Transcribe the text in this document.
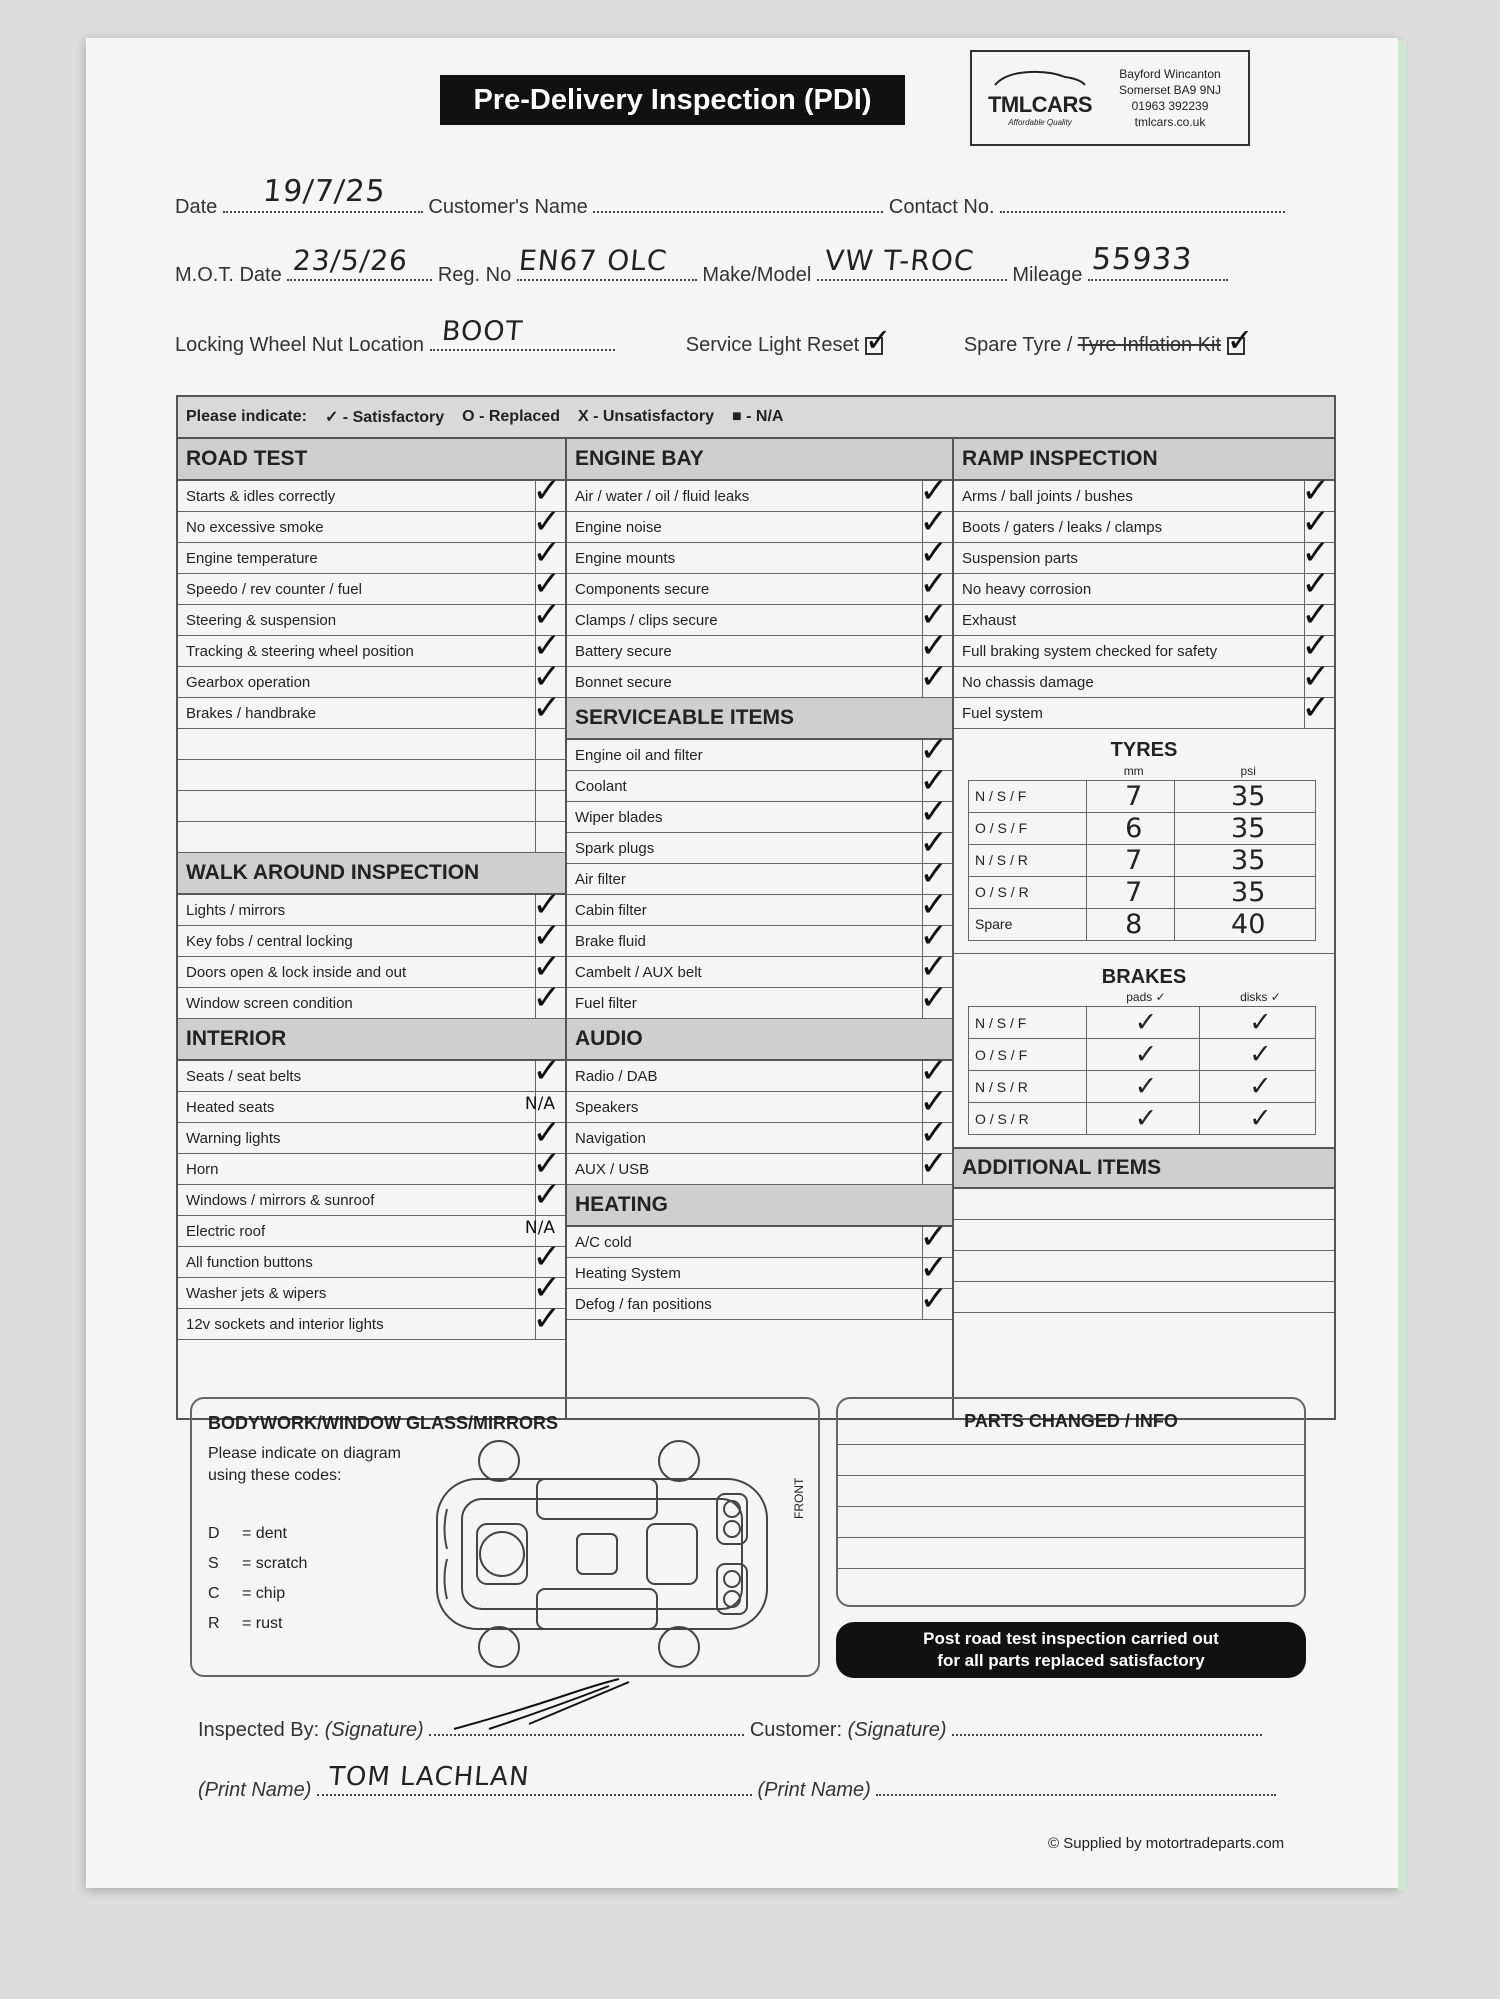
Pre-Delivery Inspection (PDI)	TMLCARS
Affordable Quality
Bayford Wincanton
Somerset BA9 9NJ
01963 392239
tmlcars.co.uk
Date 19/7/25 Customer's Name	Contact No.
M.O.T. Date 23/5/26 Reg. No EN67 OLC Make/Model VW T-ROC Mileage 55933
Locking Wheel Nut Location BOOT	Service Light Reset ✓	Spare Tyre / Tyre Inflation Kit ✓
Please indicate: ✓ - Satisfactory O - Replaced X - Unsatisfactory ■ - N/A
ROAD TEST
Starts & idles correctly	✓
No excessive smoke	✓
Engine temperature	✓
Speedo / rev counter / fuel	✓
Steering & suspension	✓
Tracking & steering wheel position	✓
Gearbox operation	✓
Brakes / handbrake	✓
WALK AROUND INSPECTION
Lights / mirrors	✓
Key fobs / central locking	✓
Doors open & lock inside and out	✓
Window screen condition	✓
INTERIOR
Seats / seat belts	✓
Heated seats	N/A
Warning lights	✓
Horn	✓
Windows / mirrors & sunroof	✓
Electric roof	N/A
All function buttons	✓
Washer jets & wipers	✓
12v sockets and interior lights	✓
ENGINE BAY
Air / water / oil / fluid leaks	✓
Engine noise	✓
Engine mounts	✓
Components secure	✓
Clamps / clips secure	✓
Battery secure	✓
Bonnet secure	✓
SERVICEABLE ITEMS
Engine oil and filter	✓
Coolant	✓
Wiper blades	✓
Spark plugs	✓
Air filter	✓
Cabin filter	✓
Brake fluid	✓
Cambelt / AUX belt	✓
Fuel filter	✓
AUDIO
Radio / DAB	✓
Speakers	✓
Navigation	✓
AUX / USB	✓
HEATING
A/C cold	✓
Heating System	✓
Defog / fan positions	✓
RAMP INSPECTION
Arms / ball joints / bushes	✓
Boots / gaters / leaks / clamps	✓
Suspension parts	✓
No heavy corrosion	✓
Exhaust	✓
Full braking system checked for safety ✓
No chassis damage	✓
Fuel system	✓
TYRES
	mm	psi
N / S / F	7	35
O / S / F	6	35
N / S / R	7	35
O / S / R	7	35
Spare	8	40
BRAKES
	pads ✓	disks ✓
N / S / F	✓	✓
O / S / F	✓	✓
N / S / R	✓	✓
O / S / R	✓	✓
ADDITIONAL ITEMS
BODYWORK/WINDOW GLASS/MIRRORS
Please indicate on diagram using these codes:
D = dent
S = scratch
C = chip
R = rust
FRONT
PARTS CHANGED / INFO
Post road test inspection carried out
for all parts replaced satisfactory
Inspected By: (Signature)	Customer: (Signature)
(Print Name) TOM LACHLAN	(Print Name)
© Supplied by motortradeparts.com
